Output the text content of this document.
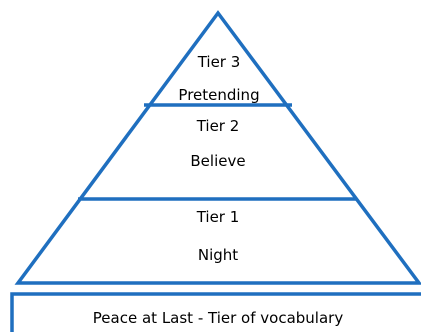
Tier 3
Pretending
Tier 2
Believe
Tier 1
Night
Peace at Last - Tier of vocabulary
